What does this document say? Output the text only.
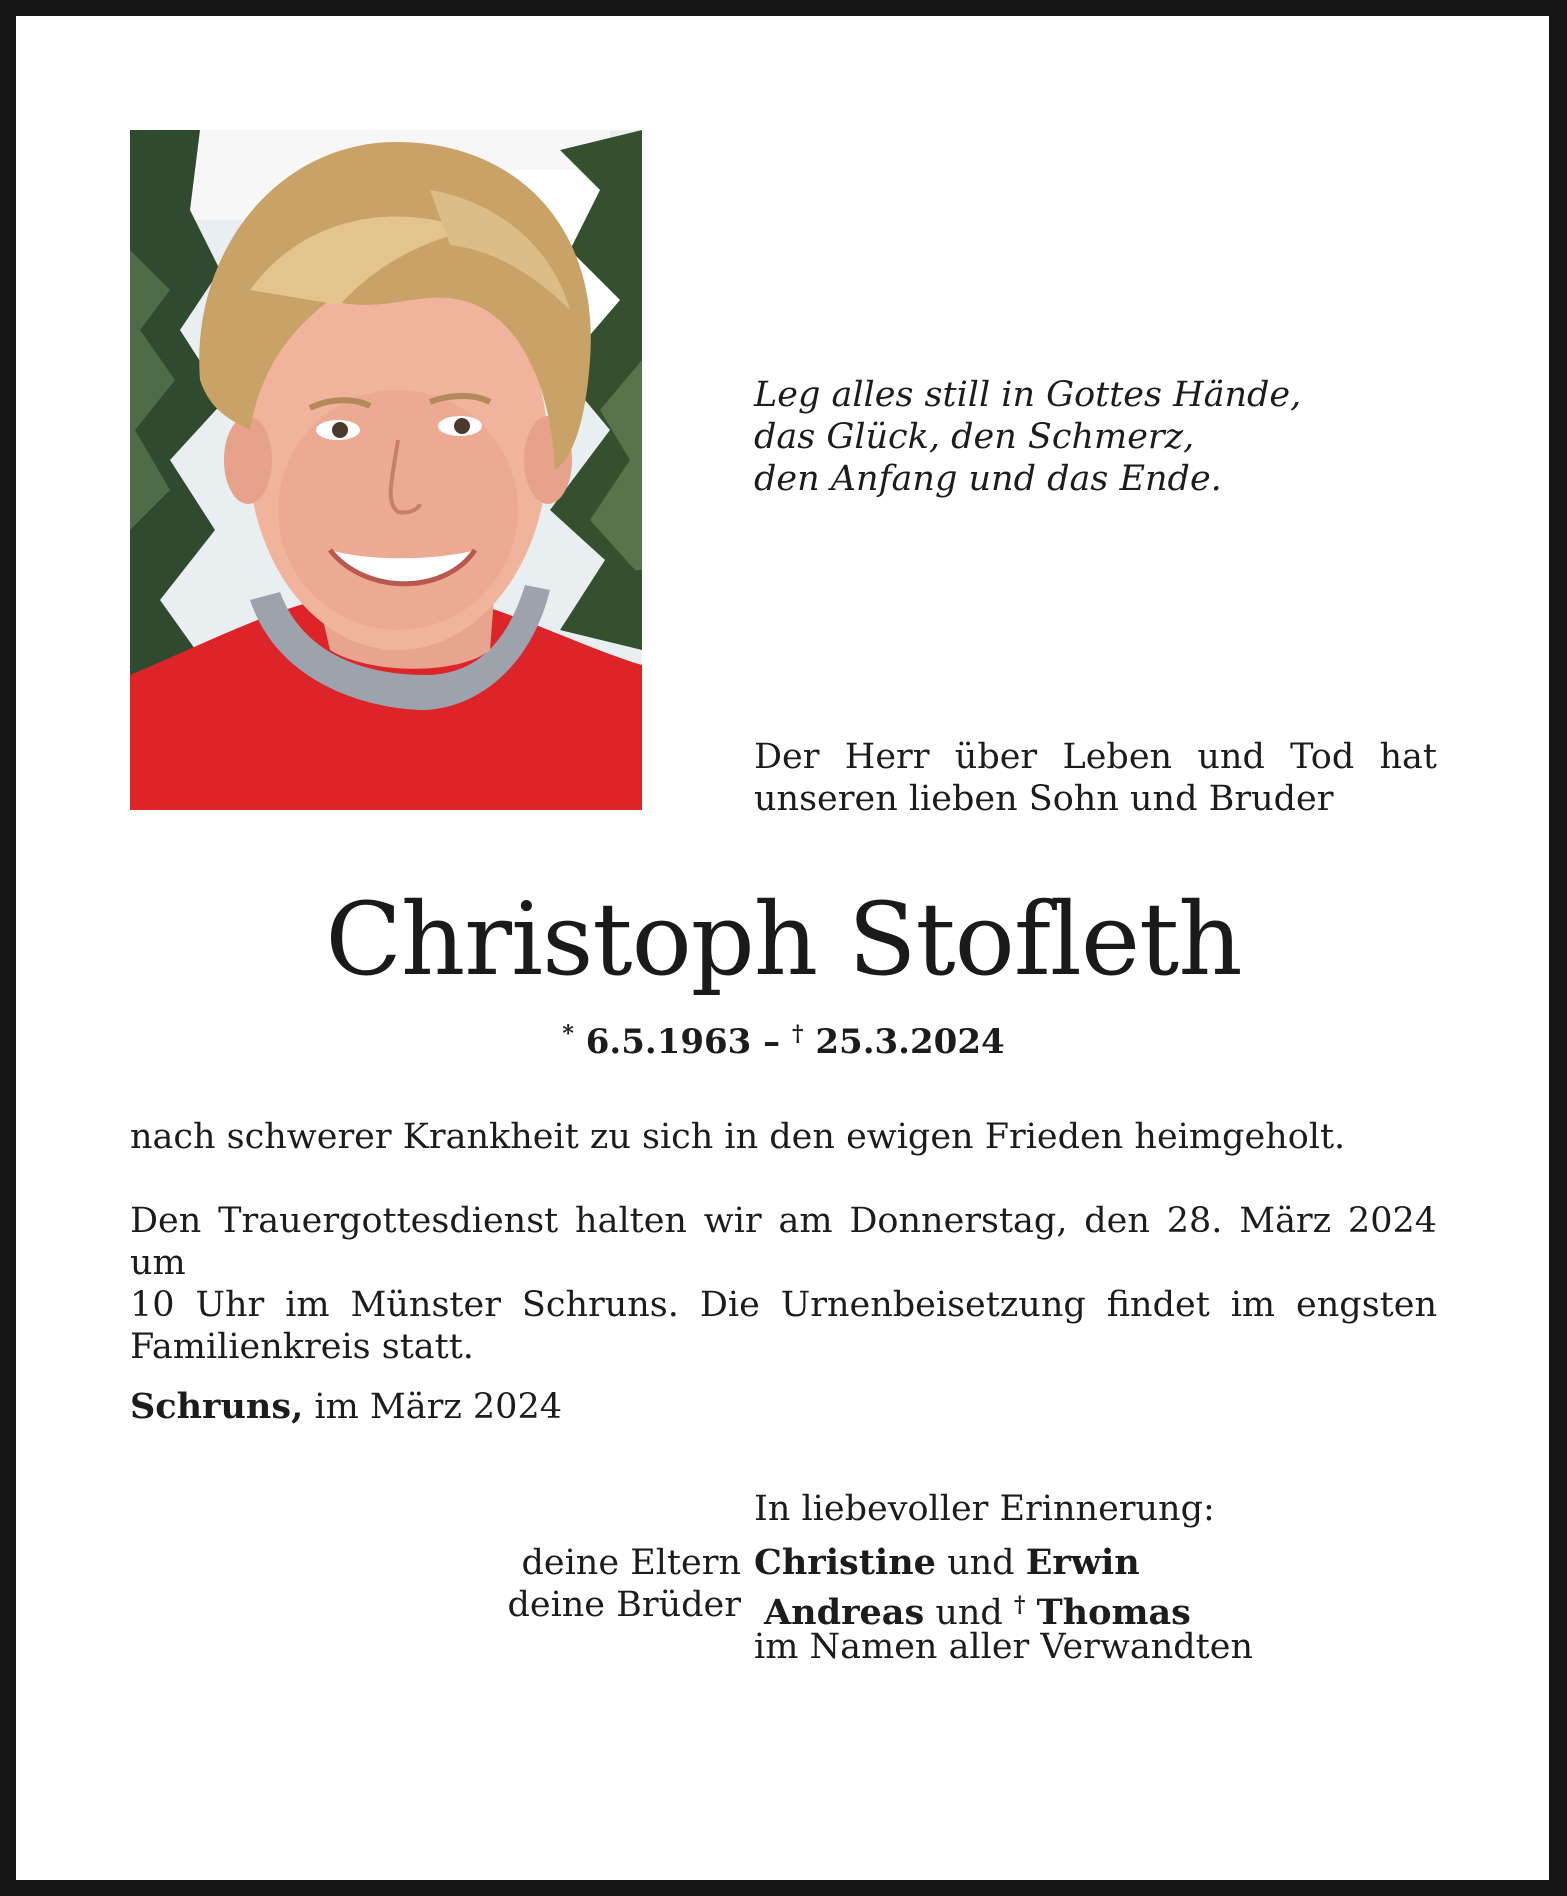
Leg alles still in Gottes Hände,
das Glück, den Schmerz,
den Anfang und das Ende.
Der Herr über Leben und Tod hat
unseren lieben Sohn und Bruder
Christoph Stofleth
* 6.5.1963 – † 25.3.2024
nach schwerer Krankheit zu sich in den ewigen Frieden heimgeholt.
Den Trauergottesdienst halten wir am Donnerstag, den 28. März 2024 um
10 Uhr im Münster Schruns. Die Urnenbeisetzung findet im engsten
Familienkreis statt.
Schruns, im März 2024
In liebevoller Erinnerung:
deine Eltern Christine und Erwin
deine Brüder Andreas und † Thomas
im Namen aller Verwandten
